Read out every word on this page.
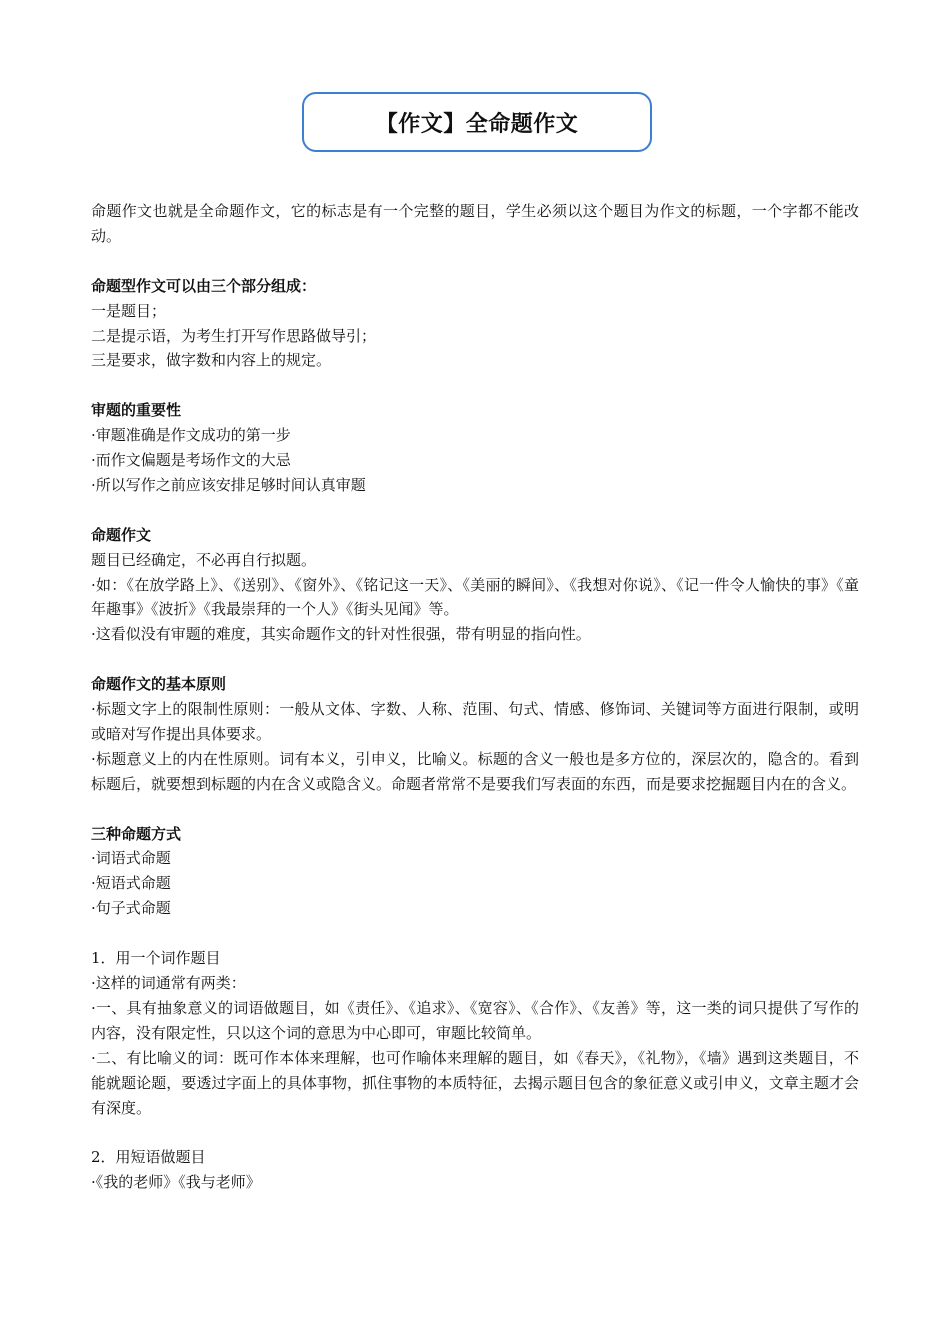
【作文】全命题作文

命题作文也就是全命题作文，它的标志是有一个完整的题目，学生必须以这个题目为作文的标题，一个字都不能改动。

命题型作文可以由三个部分组成：

一是题目；

二是提示语，为考生打开写作思路做导引；

三是要求，做字数和内容上的规定。

审题的重要性

·审题准确是作文成功的第一步

·而作文偏题是考场作文的大忌

·所以写作之前应该安排足够时间认真审题

命题作文

题目已经确定，不必再自行拟题。

·如：《在放学路上》、《送别》、《窗外》、《铭记这一天》、《美丽的瞬间》、《我想对你说》、《记一件令人愉快的事》《童年趣事》《波折》《我最崇拜的一个人》《街头见闻》等。

·这看似没有审题的难度，其实命题作文的针对性很强，带有明显的指向性。

命题作文的基本原则

·标题文字上的限制性原则：一般从文体、字数、人称、范围、句式、情感、修饰词、关键词等方面进行限制，或明或暗对写作提出具体要求。

·标题意义上的内在性原则。词有本义，引申义，比喻义。标题的含义一般也是多方位的，深层次的，隐含的。看到标题后，就要想到标题的内在含义或隐含义。命题者常常不是要我们写表面的东西，而是要求挖掘题目内在的含义。

三种命题方式

·词语式命题

·短语式命题

·句子式命题

1．用一个词作题目

·这样的词通常有两类：

·一、具有抽象意义的词语做题目，如《责任》、《追求》、《宽容》、《合作》、《友善》等，这一类的词只提供了写作的内容，没有限定性，只以这个词的意思为中心即可，审题比较简单。

·二、有比喻义的词：既可作本体来理解，也可作喻体来理解的题目，如《春天》，《礼物》，《墙》遇到这类题目，不能就题论题，要透过字面上的具体事物，抓住事物的本质特征，去揭示题目包含的象征意义或引申义，文章主题才会有深度。

2．用短语做题目

·《我的老师》《我与老师》
